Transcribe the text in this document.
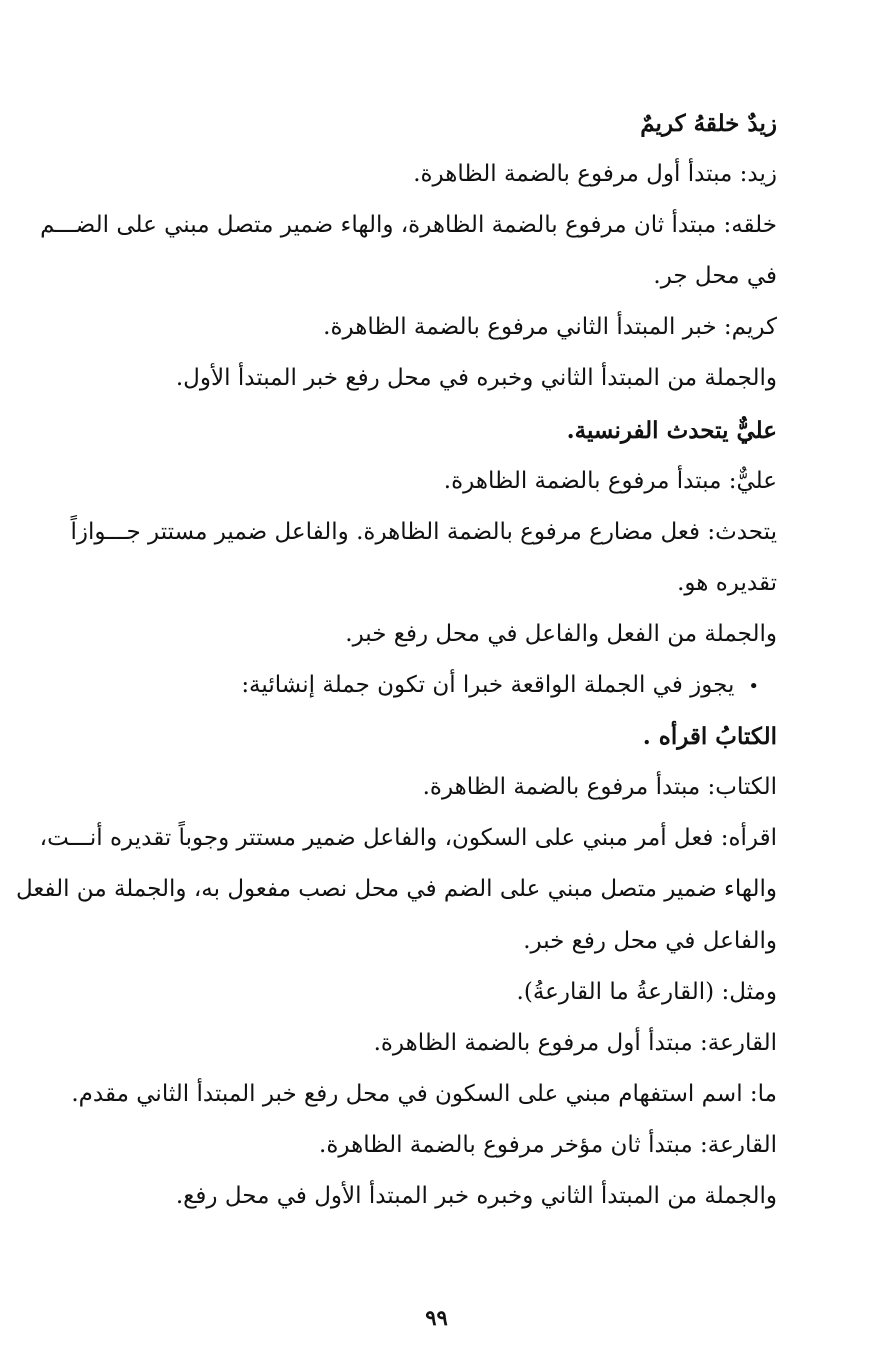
زيدٌ خلقهُ كريمٌ
زيد: مبتدأ أول مرفوع بالضمة الظاهرة.
خلقه: مبتدأ ثان مرفوع بالضمة الظاهرة، والهاء ضمير متصل مبني على الضـــم
في محل جر.
كريم: خبر المبتدأ الثاني مرفوع بالضمة الظاهرة.
والجملة من المبتدأ الثاني وخبره في محل رفع خبر المبتدأ الأول.
عليٌّ يتحدث الفرنسية.
عليٌّ: مبتدأ مرفوع بالضمة الظاهرة.
يتحدث: فعل مضارع مرفوع بالضمة الظاهرة. والفاعل ضمير مستتر جـــوازاً
تقديره هو.
والجملة من الفعل والفاعل في محل رفع خبر.
• يجوز في الجملة الواقعة خبرا أن تكون جملة إنشائية:
الكتابُ اقرأه .
الكتاب: مبتدأ مرفوع بالضمة الظاهرة.
اقرأه: فعل أمر مبني على السكون، والفاعل ضمير مستتر وجوباً تقديره أنـــت،
والهاء ضمير متصل مبني على الضم في محل نصب مفعول به، والجملة من الفعل
والفاعل في محل رفع خبر.
ومثل: (القارعةُ ما القارعةُ).
القارعة: مبتدأ أول مرفوع بالضمة الظاهرة.
ما: اسم استفهام مبني على السكون في محل رفع خبر المبتدأ الثاني مقدم.
القارعة: مبتدأ ثان مؤخر مرفوع بالضمة الظاهرة.
والجملة من المبتدأ الثاني وخبره خبر المبتدأ الأول في محل رفع.
٩٩
